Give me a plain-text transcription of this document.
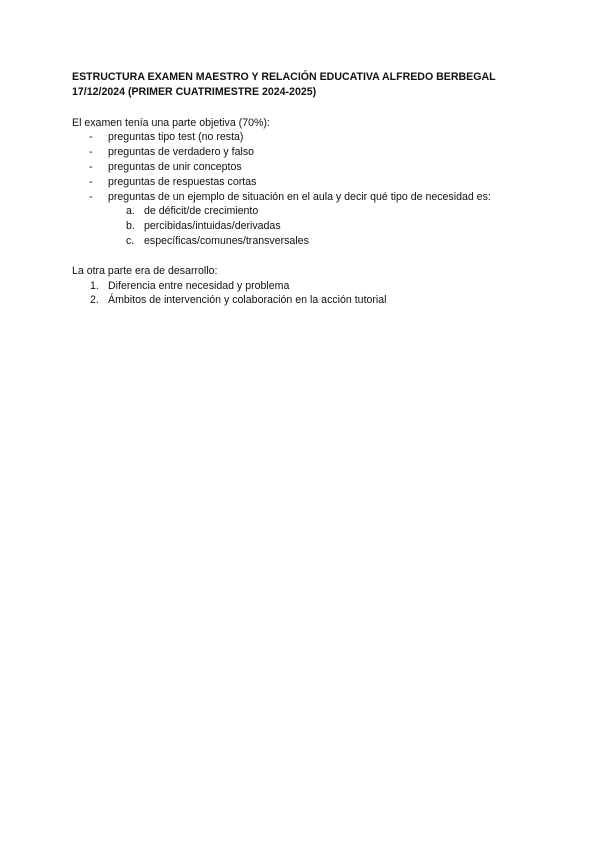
ESTRUCTURA EXAMEN MAESTRO Y RELACIÓN EDUCATIVA ALFREDO BERBEGAL
17/12/2024 (PRIMER CUATRIMESTRE 2024-2025)

El examen tenía una parte objetiva (70%):

- preguntas tipo test (no resta)
- preguntas de verdadero y falso
- preguntas de unir conceptos
- preguntas de respuestas cortas
- preguntas de un ejemplo de situación en el aula y decir qué tipo de necesidad es:
a. de déficit/de crecimiento
b. percibidas/intuidas/derivadas
c. específicas/comunes/transversales

La otra parte era de desarrollo:

1. Diferencia entre necesidad y problema
2. Ámbitos de intervención y colaboración en la acción tutorial
